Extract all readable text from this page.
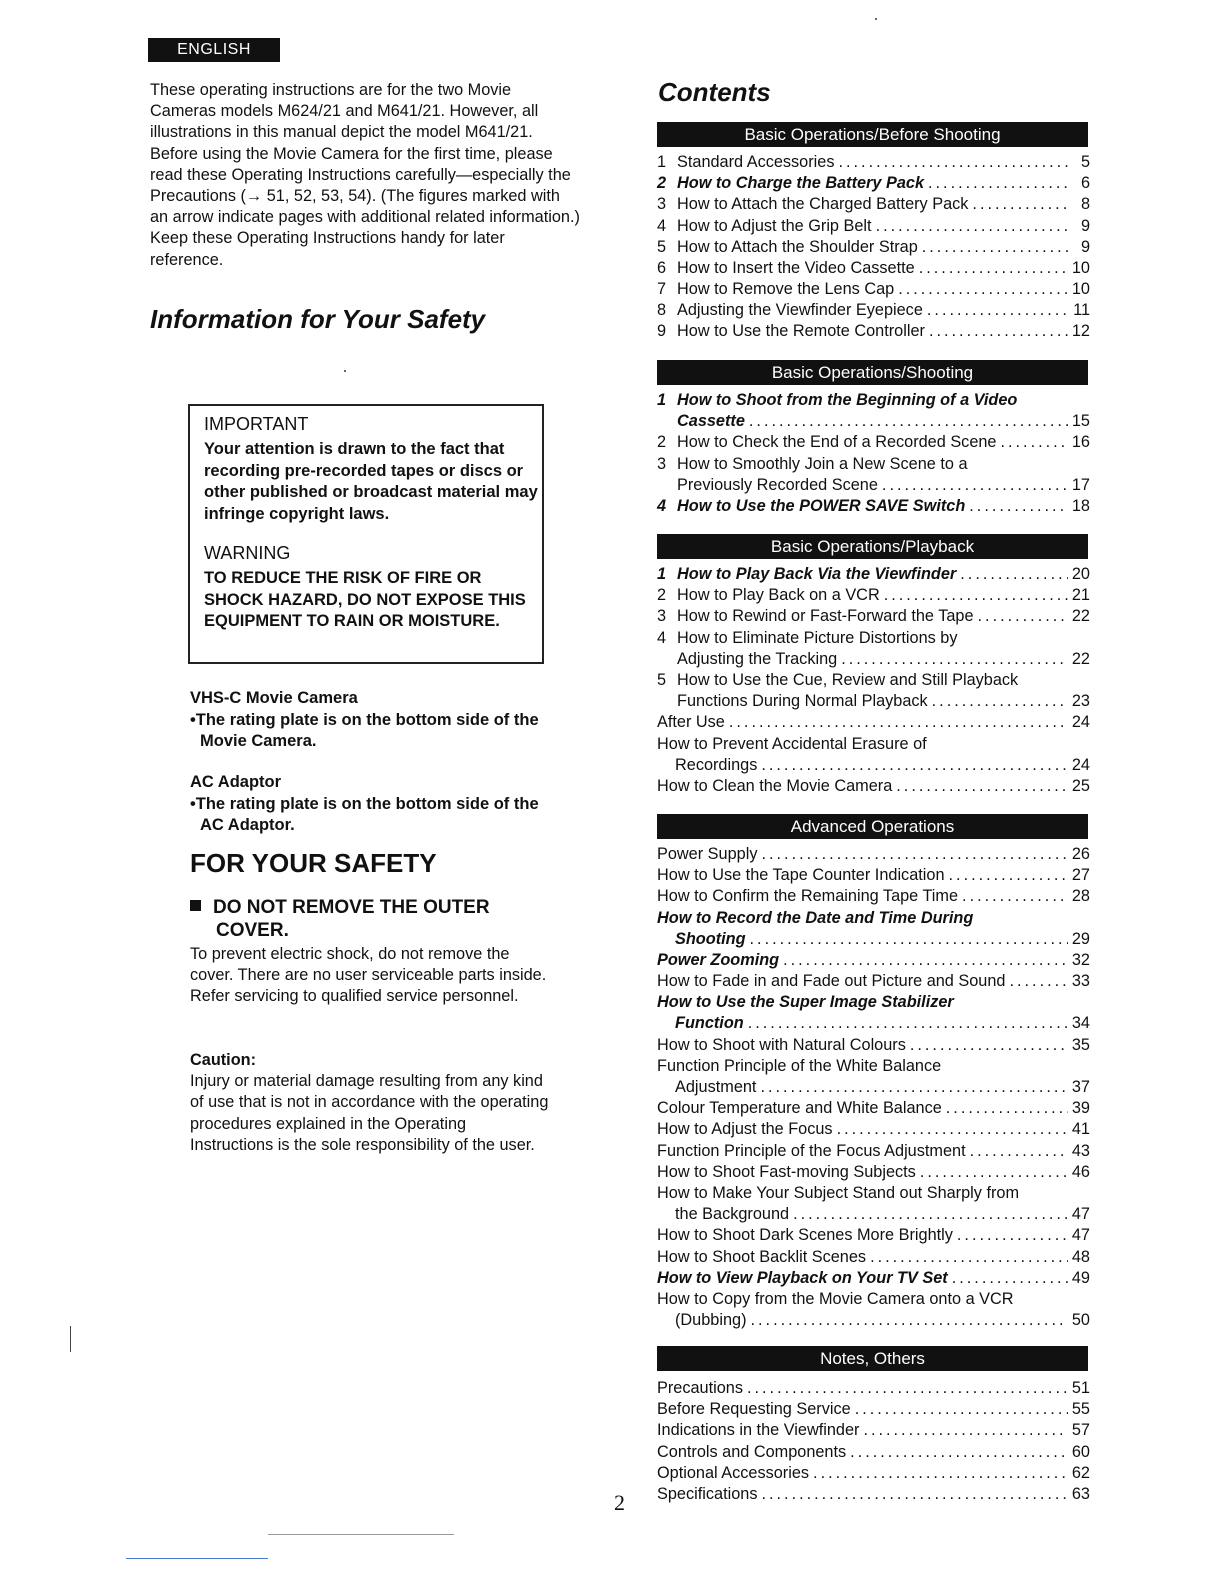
ENGLISH

These operating instructions are for the two Movie Cameras models M624/21 and M641/21. However, all illustrations in this manual depict the model M641/21. Before using the Movie Camera for the first time, please read these Operating Instructions carefully—especially the Precautions (→ 51, 52, 53, 54). (The figures marked with an arrow indicate pages with additional related information.)

Keep these Operating Instructions handy for later reference.

Information for Your Safety

IMPORTANT

Your attention is drawn to the fact that recording pre-recorded tapes or discs or other published or broadcast material may infringe copyright laws.

WARNING

TO REDUCE THE RISK OF FIRE OR SHOCK HAZARD, DO NOT EXPOSE THIS EQUIPMENT TO RAIN OR MOISTURE.

VHS-C Movie Camera

•The rating plate is on the bottom side of the Movie Camera.

AC Adaptor

•The rating plate is on the bottom side of the AC Adaptor.

FOR YOUR SAFETY
DO NOT REMOVE THE OUTER
COVER.

To prevent electric shock, do not remove the cover. There are no user serviceable parts inside. Refer servicing to qualified service personnel.

Caution:

Injury or material damage resulting from any kind of use that is not in accordance with the operating procedures explained in the Operating Instructions is the sole responsibility of the user.

Contents
Basic Operations/Before Shooting
1 Standard Accessories .....	5
2 How to Charge the Battery Pack .....	6
3 How to Attach the Charged Battery Pack .....	8
4 How to Adjust the Grip Belt .....	9
5 How to Attach the Shoulder Strap .....	9
6 How to Insert the Video Cassette .....	10
7 How to Remove the Lens Cap .....	10
8 Adjusting the Viewfinder Eyepiece .....	11
9 How to Use the Remote Controller .....	12
Basic Operations/Shooting
1 How to Shoot from the Beginning of a Video
Cassette .....	15
2 How to Check the End of a Recorded Scene .....	16
3 How to Smoothly Join a New Scene to a
Previously Recorded Scene .....	17
4 How to Use the POWER SAVE Switch .....	18
Basic Operations/Playback
1 How to Play Back Via the Viewfinder .....	20
2 How to Play Back on a VCR .....	21
3 How to Rewind or Fast-Forward the Tape .....	22
4 How to Eliminate Picture Distortions by
Adjusting the Tracking .....	22
5 How to Use the Cue, Review and Still Playback
Functions During Normal Playback .....	23
After Use .....	24
How to Prevent Accidental Erasure of
Recordings .....	24
How to Clean the Movie Camera .....	25
Advanced Operations
Power Supply .....	26
How to Use the Tape Counter Indication .....	27
How to Confirm the Remaining Tape Time .....	28
How to Record the Date and Time During
Shooting .....	29
Power Zooming .....	32
How to Fade in and Fade out Picture and Sound .....	33
How to Use the Super Image Stabilizer
Function .....	34
How to Shoot with Natural Colours .....	35
Function Principle of the White Balance
Adjustment .....	37
Colour Temperature and White Balance .....	39
How to Adjust the Focus .....	41
Function Principle of the Focus Adjustment .....	43
How to Shoot Fast-moving Subjects .....	46
How to Make Your Subject Stand out Sharply from
the Background .....	47
How to Shoot Dark Scenes More Brightly .....	47
How to Shoot Backlit Scenes .....	48
How to View Playback on Your TV Set .....	49
How to Copy from the Movie Camera onto a VCR
(Dubbing) .....	50
Notes, Others
Precautions .....	51
Before Requesting Service .....	55
Indications in the Viewfinder .....	57
Controls and Components .....	60
Optional Accessories .....	62
Specifications .....	63
2
